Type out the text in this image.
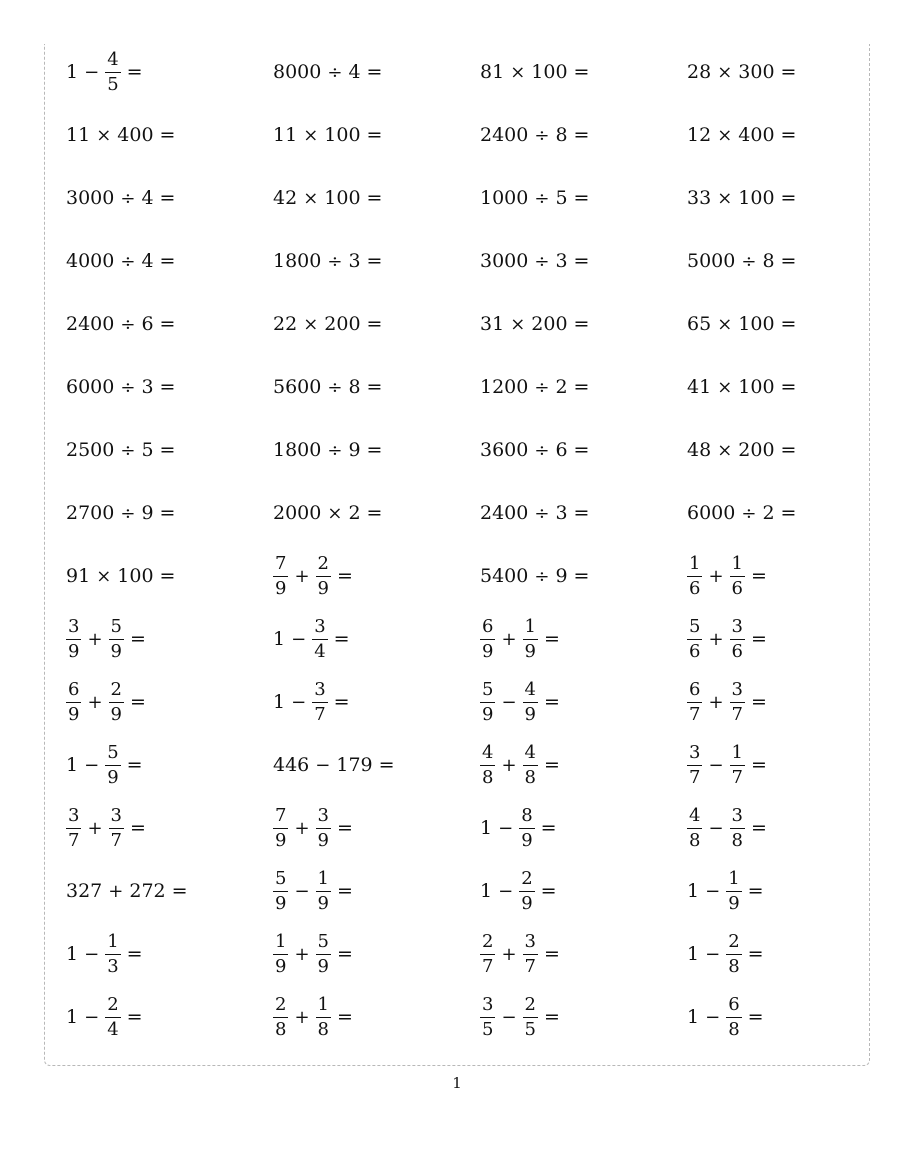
$1 - \frac{4}{5}$ =	8000 ÷ 4 =	81 × 100 =	28 × 300 =
11 × 400 =	11 × 100 =	2400 ÷ 8 =	12 × 400 =
3000 ÷ 4 =	42 × 100 =	1000 ÷ 5 =	33 × 100 =
4000 ÷ 4 =	1800 ÷ 3 =	3000 ÷ 3 =	5000 ÷ 8 =
2400 ÷ 6 =	22 × 200 =	31 × 200 =	65 × 100 =
6000 ÷ 3 =	5600 ÷ 8 =	1200 ÷ 2 =	41 × 100 =
2500 ÷ 5 =	1800 ÷ 9 =	3600 ÷ 6 =	48 × 200 =
2700 ÷ 9 =	2000 × 2 =	2400 ÷ 3 =	6000 ÷ 2 =
91 × 100 =	$\frac{7}{9} + \frac{2}{9}$ =	5400 ÷ 9 =	$\frac{1}{6} + \frac{1}{6}$ =
$\frac{3}{9} + \frac{5}{9}$ =	$1 - \frac{3}{4}$ =	$\frac{6}{9} + \frac{1}{9}$ =	$\frac{5}{6} + \frac{3}{6}$ =
$\frac{6}{9} + \frac{2}{9}$ =	$1 - \frac{3}{7}$ =	$\frac{5}{9} - \frac{4}{9}$ =	$\frac{6}{7} + \frac{3}{7}$ =
$1 - \frac{5}{9}$ =	446 − 179 =	$\frac{4}{8} + \frac{4}{8}$ =	$\frac{3}{7} - \frac{1}{7}$ =
$\frac{3}{7} + \frac{3}{7}$ =	$\frac{7}{9} + \frac{3}{9}$ =	$1 - \frac{8}{9}$ =	$\frac{4}{8} - \frac{3}{8}$ =
327 + 272 =	$\frac{5}{9} - \frac{1}{9}$ =	$1 - \frac{2}{9}$ =	$1 - \frac{1}{9}$ =
$1 - \frac{1}{3}$ =	$\frac{1}{9} + \frac{5}{9}$ =	$\frac{2}{7} + \frac{3}{7}$ =	$1 - \frac{2}{8}$ =
$1 - \frac{2}{4}$ =	$\frac{2}{8} + \frac{1}{8}$ =	$\frac{3}{5} - \frac{2}{5}$ =	$1 - \frac{6}{8}$ =
1
